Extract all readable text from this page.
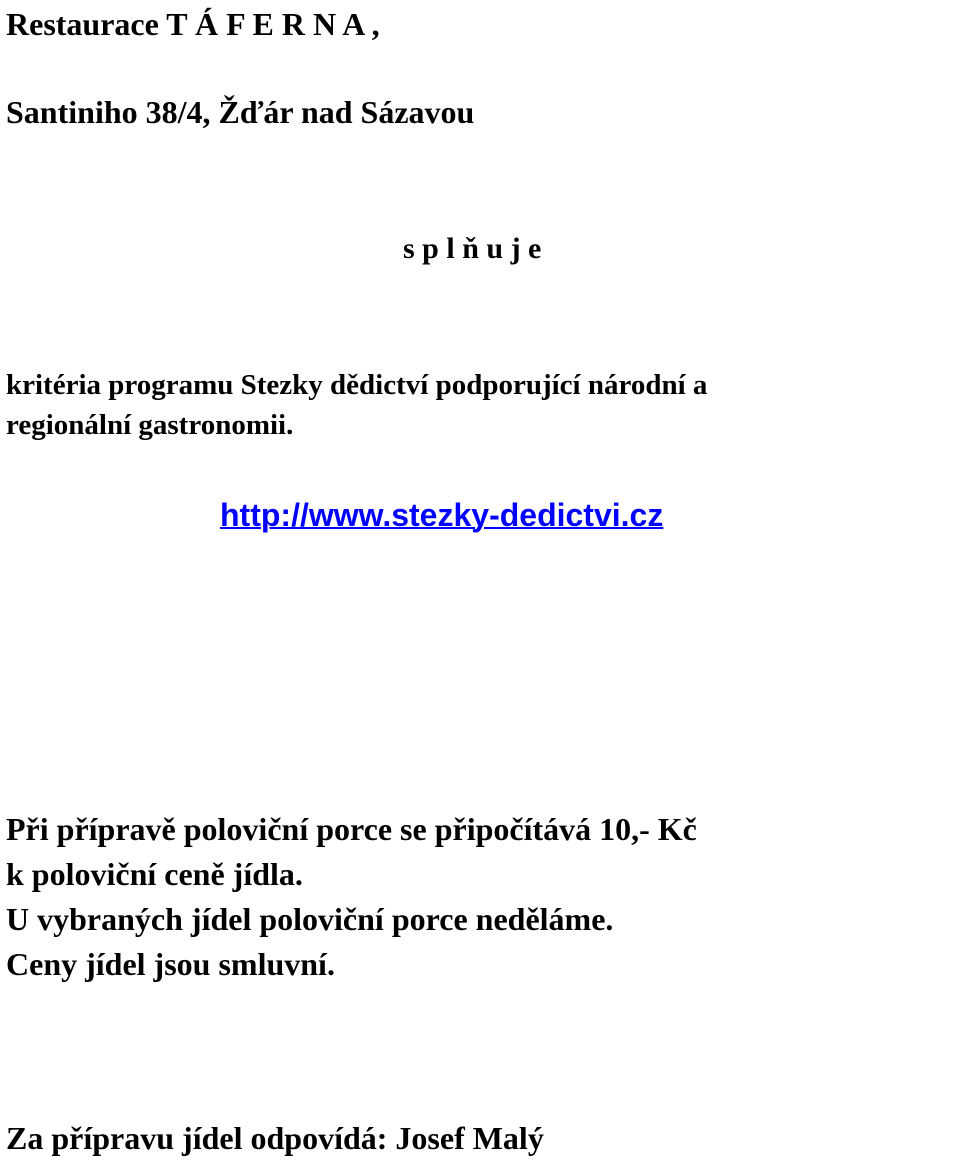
Restaurace T Á F E R N A ,
Santiniho 38/4, Žďár nad Sázavou
s p l ň u j e
kritéria programu Stezky dědictví podporující národní a
regionální gastronomii.
http://www.stezky-dedictvi.cz
Při přípravě poloviční porce se připočítává 10,- Kč
k poloviční ceně jídla.
U vybraných jídel poloviční porce neděláme.
Ceny jídel jsou smluvní.
Za přípravu jídel odpovídá: Josef Malý
